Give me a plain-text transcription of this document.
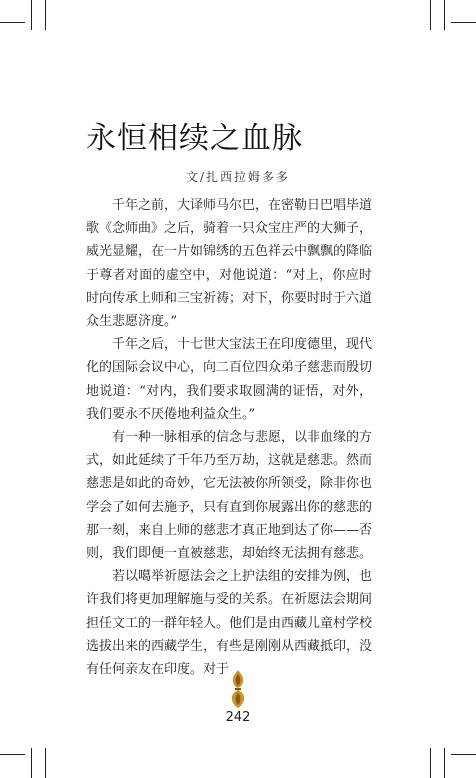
永恒相续之血脉
文/扎西拉姆多多

千年之前，大译师马尔巴，在密勒日巴唱毕道歌《念师曲》之后，骑着一只众宝庄严的大狮子，威光显耀，在一片如锦绣的五色祥云中飘飘的降临于尊者对面的虚空中，对他说道：“对上，你应时时向传承上师和三宝祈祷；对下，你要时时于六道众生悲愿济度。”

千年之后，十七世大宝法王在印度德里，现代化的国际会议中心，向二百位四众弟子慈悲而殷切地说道：“对内，我们要求取圆满的证悟，对外，我们要永不厌倦地利益众生。”

有一种一脉相承的信念与悲愿，以非血缘的方式，如此延续了千年乃至万劫，这就是慈悲。然而慈悲是如此的奇妙，它无法被你所领受，除非你也学会了如何去施予，只有直到你展露出你的慈悲的那一刻，来自上师的慈悲才真正地到达了你——否则，我们即便一直被慈悲，却始终无法拥有慈悲。

若以噶举祈愿法会之上护法组的安排为例，也许我们将更加理解施与受的关系。在祈愿法会期间担任文工的一群年轻人。他们是由西藏儿童村学校选拔出来的西藏学生，有些是刚刚从西藏抵印，没有任何亲友在印度。对于

242
